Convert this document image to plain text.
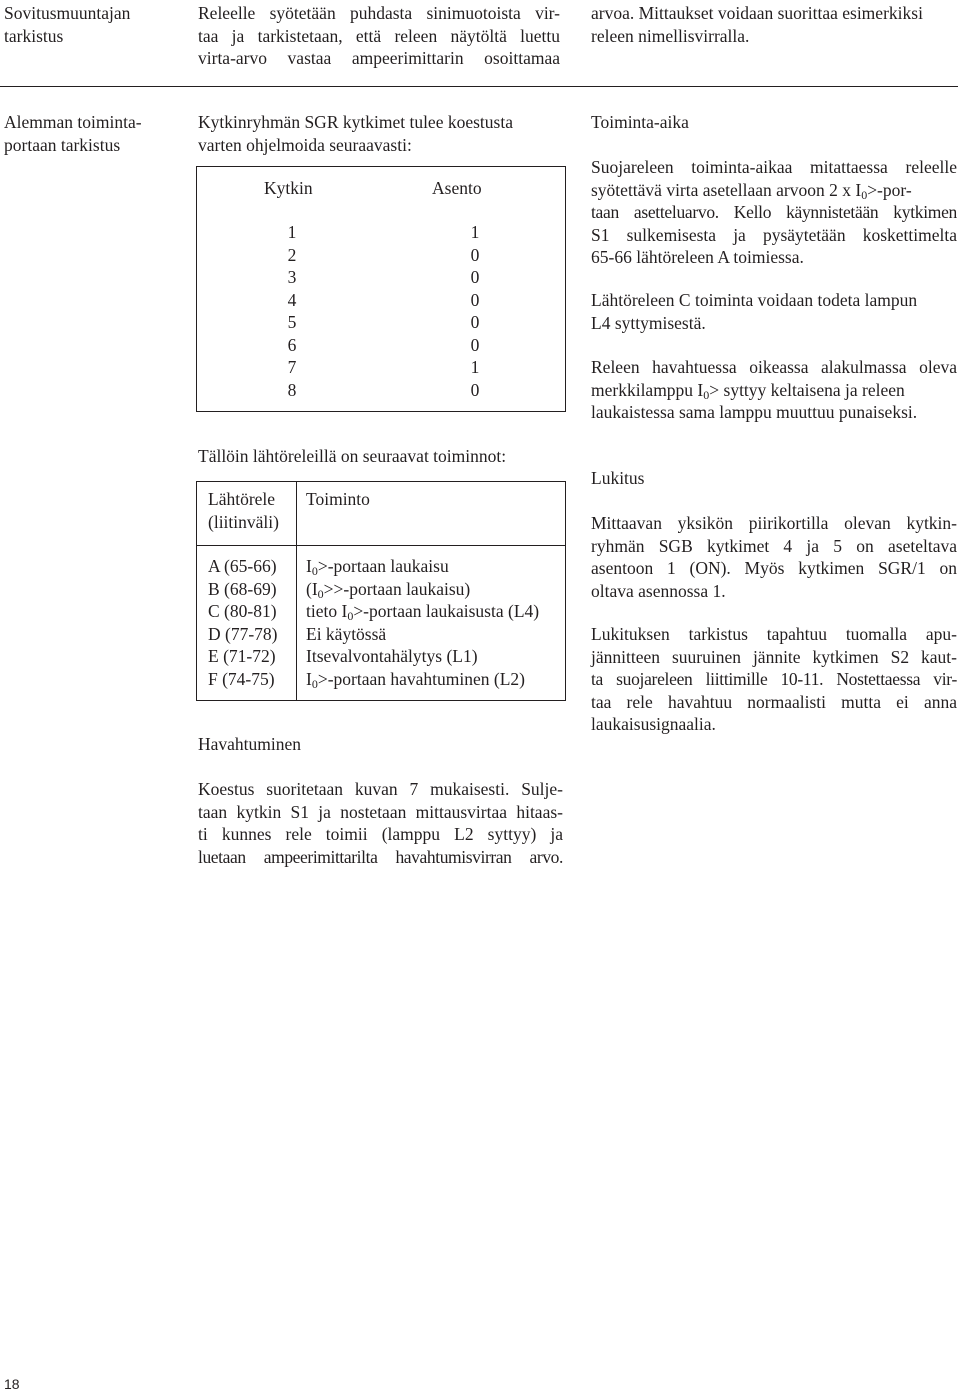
Sovitusmuuntajan

tarkistus

Releelle syötetään puhdasta sinimuotoista vir-

taa ja tarkistetaan, että releen näytöltä luettu

virta-arvo vastaa ampeerimittarin osoittamaa

arvoa. Mittaukset voidaan suorittaa esimerkiksi

releen nimellisvirralla.

Alemman toiminta-

portaan tarkistus

Kytkinryhmän SGR kytkimet tulee koestusta

varten ohjelmoida seuraavasti:

Kytkin	Asento

1

2

3

4

5

6

7

8

1

0

0

0

0

0

1

0

Tällöin lähtöreleillä on seuraavat toiminnot:

Lähtörele

(liitinväli)

Toiminto

A (65-66)

B (68-69)

C (80-81)

D (77-78)

E (71-72)

F (74-75)

$I_0>$-portaan laukaisu

($I_0>>$-portaan laukaisu)

tieto $I_0>$-portaan laukaisusta (L4)

Ei käytössä

Itsevalvontahälytys (L1)

$I_0>$-portaan havahtuminen (L2)

Havahtuminen

Koestus suoritetaan kuvan 7 mukaisesti. Sulje-

taan kytkin S1 ja nostetaan mittausvirtaa hitaas-

ti kunnes rele toimii (lamppu L2 syttyy) ja

luetaan ampeerimittarilta havahtumisvirran arvo.

Toiminta-aika

Suojareleen toiminta-aikaa mitattaessa releelle

syötettävä virta asetellaan arvoon 2 x $I_0>-por-$

taan asetteluarvo. Kello käynnistetään kytkimen

S1 sulkemisesta ja pysäytetään koskettimelta

65-66 lähtöreleen A toimiessa.

Lähtöreleen C toiminta voidaan todeta lampun

L4 syttymisestä.

Releen havahtuessa oikeassa alakulmassa oleva

merkkilamppu $I_0>$ syttyy keltaisena ja releen

laukaistessa sama lamppu muuttuu punaiseksi.

Lukitus

Mittaavan yksikön piirikortilla olevan kytkin-

ryhmän SGB kytkimet 4 ja 5 on aseteltava

asentoon 1 (ON). Myös kytkimen SGR/1 on

oltava asennossa 1.

Lukituksen tarkistus tapahtuu tuomalla apu-

jännitteen suuruinen jännite kytkimen S2 kaut-

ta suojareleen liittimille 10-11. Nostettaessa vir-

taa rele havahtuu normaalisti mutta ei anna

laukaisusignaalia.

18
